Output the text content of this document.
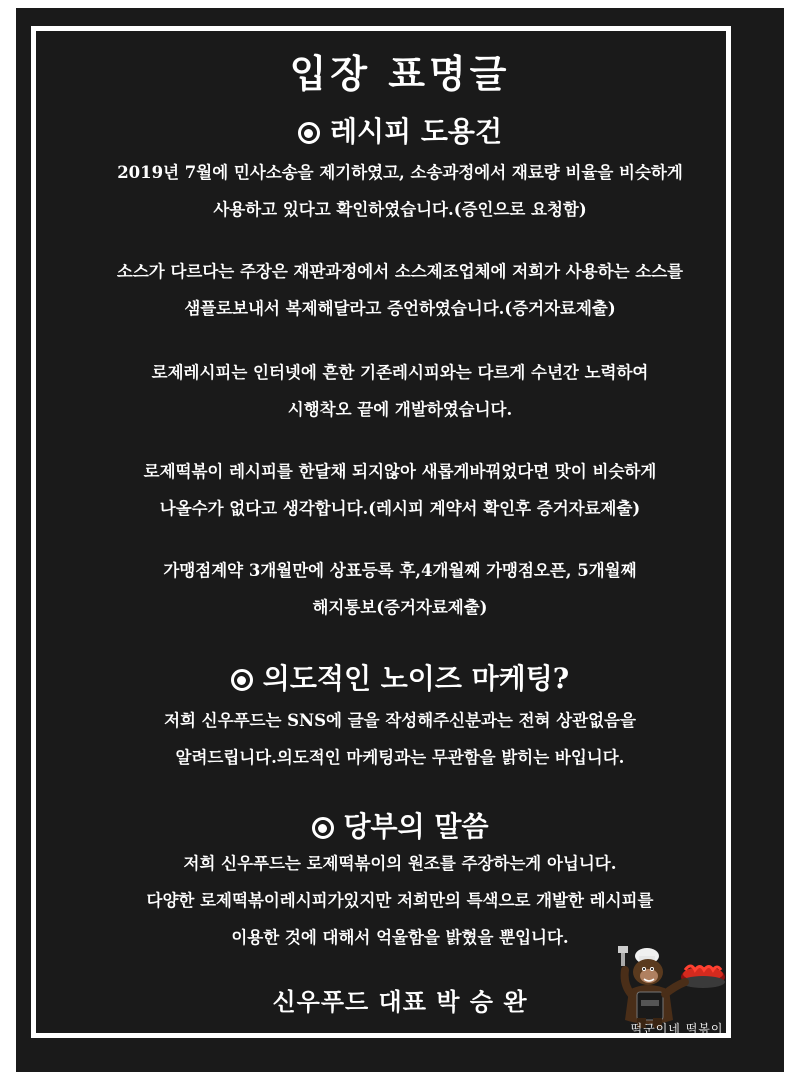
입장 표명글
레시피 도용건

2019년 7월에 민사소송을 제기하였고, 소송과정에서 재료량 비율을 비슷하게

사용하고 있다고 확인하였습니다.(증인으로 요청함)

소스가 다르다는 주장은 재판과정에서 소스제조업체에 저희가 사용하는 소스를

샘플로보내서 복제해달라고 증언하였습니다.(증거자료제출)

로제레시피는 인터넷에 흔한 기존레시피와는 다르게 수년간 노력하여

시행착오 끝에 개발하였습니다.

로제떡볶이 레시피를 한달채 되지않아 새롭게바꿔었다면 맛이 비슷하게

나올수가 없다고 생각합니다.(레시피 계약서 확인후 증거자료제출)

가맹점계약 3개월만에 상표등록 후,4개월째 가맹점오픈, 5개월째

해지통보(증거자료제출)

의도적인 노이즈 마케팅?

저희 신우푸드는 SNS에 글을 작성해주신분과는 전혀 상관없음을

알려드립니다.의도적인 마케팅과는 무관함을 밝히는 바입니다.

당부의 말씀

저희 신우푸드는 로제떡볶이의 원조를 주장하는게 아닙니다.

다양한 로제떡볶이레시피가있지만 저희만의 특색으로 개발한 레시피를

이용한 것에 대해서 억울함을 밝혔을 뿐입니다.

신우푸드 대표 박 승 완
떡군이네 떡볶이
